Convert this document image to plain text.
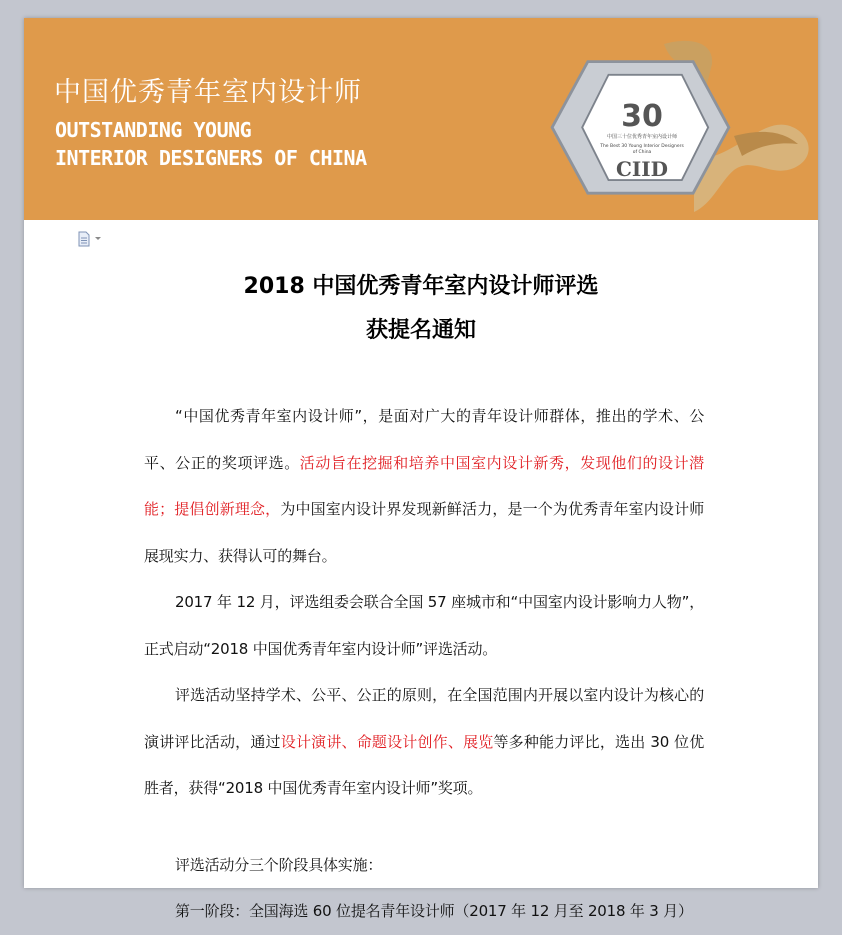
中国优秀青年室内设计师
OUTSTANDING YOUNG
INTERIOR DESIGNERS OF CHINA
30
中国三十位优秀青年室内设计师
The Best 30 Young Interior Designers
of China
CIID
2018 中国优秀青年室内设计师评选
获提名通知

“中国优秀青年室内设计师”，是面对广大的青年设计师群体，推出的学术、公平、公正的奖项评选。活动旨在挖掘和培养中国室内设计新秀，发现他们的设计潜能；提倡创新理念，为中国室内设计界发现新鲜活力，是一个为优秀青年室内设计师展现实力、获得认可的舞台。

2017 年 12 月，评选组委会联合全国 57 座城市和“中国室内设计影响力人物”，正式启动“2018 中国优秀青年室内设计师”评选活动。

评选活动坚持学术、公平、公正的原则，在全国范围内开展以室内设计为核心的演讲评比活动，通过设计演讲、命题设计创作、展览等多种能力评比，选出 30 位优胜者，获得“2018 中国优秀青年室内设计师”奖项。

评选活动分三个阶段具体实施：

第一阶段：全国海选 60 位提名青年设计师（2017 年 12 月至 2018 年 3 月）
